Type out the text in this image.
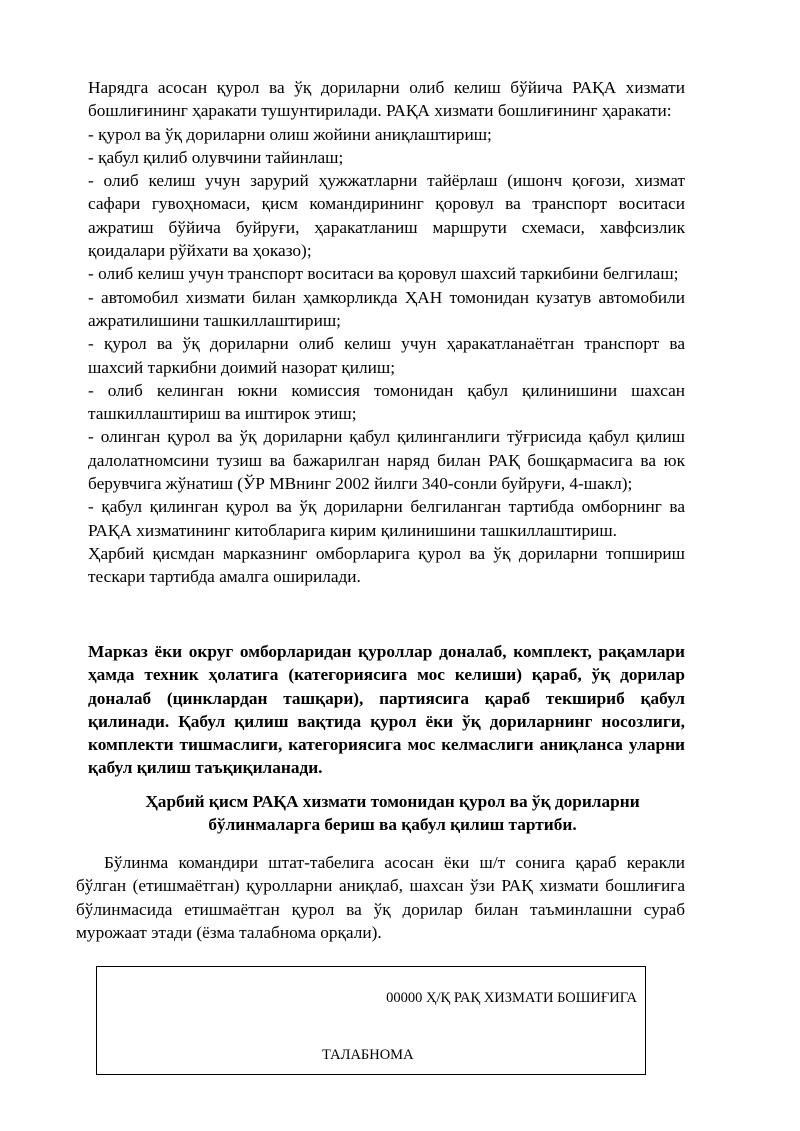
Нарядга асосан қурол ва ўқ дориларни олиб келиш бўйича РАҚА хизмати бошлиғининг ҳаракати тушунтирилади. РАҚА хизмати бошлиғининг ҳаракати:

- қурол ва ўқ дориларни олиш жойини аниқлаштириш;

- қабул қилиб олувчини тайинлаш;

- олиб келиш учун зарурий ҳужжатларни тайёрлаш (ишонч қоғози, хизмат сафари гувоҳномаси, қисм командирининг қоровул ва транспорт воситаси ажратиш бўйича буйруғи, ҳаракатланиш маршрути схемаси, хавфсизлик қоидалари рўйхати ва ҳоказо);

- олиб келиш учун транспорт воситаси ва қоровул шахсий таркибини белгилаш;

- автомобил хизмати билан ҳамкорликда ҲАН томонидан кузатув автомобили ажратилишини ташкиллаштириш;

- қурол ва ўқ дориларни олиб келиш учун ҳаракатланаётган транспорт ва шахсий таркибни доимий назорат қилиш;

- олиб келинган юкни комиссия томонидан қабул қилинишини шахсан ташкиллаштириш ва иштирок этиш;

- олинган қурол ва ўқ дориларни қабул қилинганлиги тўғрисида қабул қилиш далолатномсини тузиш ва бажарилган наряд билан РАҚ бошқармасига ва юк берувчига жўнатиш (ЎР МВнинг 2002 йилги 340-сонли буйруғи, 4-шакл);

- қабул қилинган қурол ва ўқ дориларни белгиланган тартибда омборнинг ва РАҚА хизматининг китобларига кирим қилинишини ташкиллаштириш.

Ҳарбий қисмдан марказнинг омборларига қурол ва ўқ дориларни топшириш тескари тартибда амалга оширилади.

Марказ ёки округ омборларидан қуроллар доналаб, комплект, рақамлари ҳамда техник ҳолатига (категориясига мос келиши) қараб, ўқ дорилар доналаб (цинклардан ташқари), партиясига қараб текшириб қабул қилинади. Қабул қилиш вақтида қурол ёки ўқ дориларнинг носозлиги, комплекти тишмаслиги, категориясига мос келмаслиги аниқланса уларни қабул қилиш таъқиқиланади.

Ҳарбий қисм РАҚА хизмати томонидан қурол ва ўқ дориларни бўлинмаларга бериш ва қабул қилиш тартиби.

Бўлинма командири штат-табелига асосан ёки ш/т сонига қараб керакли бўлган (етишмаётган) қуролларни аниқлаб, шахсан ўзи РАҚ хизмати бошлиғига бўлинмасида етишмаётган қурол ва ўқ дорилар билан таъминлашни сураб мурожаат этади (ёзма талабнома орқали).

00000 Ҳ/Қ РАҚ ХИЗМАТИ БОШИҒИГА
ТАЛАБНОМА
